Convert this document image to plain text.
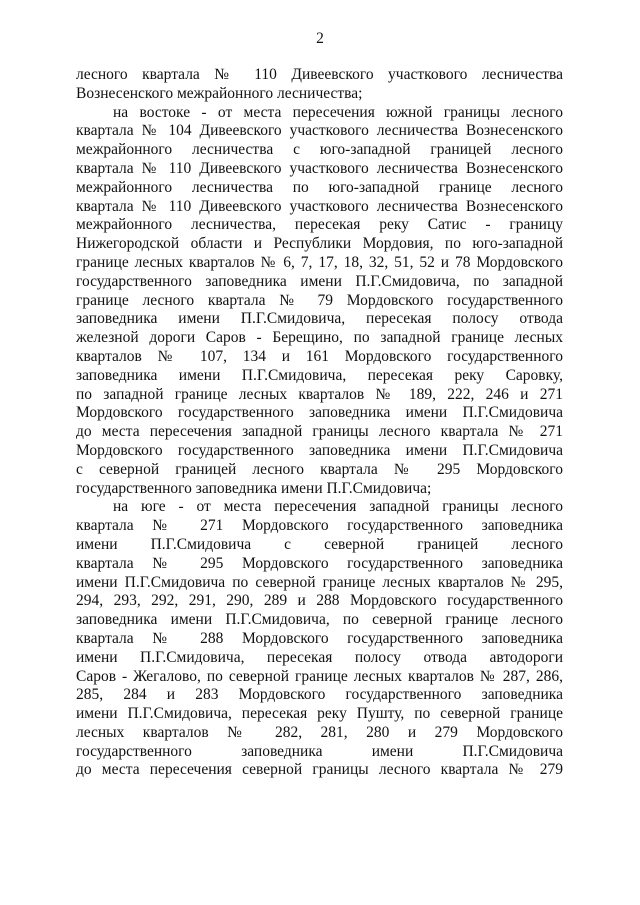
2
лесного квартала № 110 Дивеевского участкового лесничества
Вознесенского межрайонного лесничества;
на востоке - от места пересечения южной границы лесного
квартала № 104 Дивеевского участкового лесничества Вознесенского
межрайонного лесничества с юго-западной границей лесного
квартала № 110 Дивеевского участкового лесничества Вознесенского
межрайонного лесничества по юго-западной границе лесного
квартала № 110 Дивеевского участкового лесничества Вознесенского
межрайонного лесничества, пересекая реку Сатис - границу
Нижегородской области и Республики Мордовия, по юго-западной
границе лесных кварталов № 6, 7, 17, 18, 32, 51, 52 и 78 Мордовского
государственного заповедника имени П.Г.Смидовича, по западной
границе лесного квартала № 79 Мордовского государственного
заповедника имени П.Г.Смидовича, пересекая полосу отвода
железной дороги Саров - Берещино, по западной границе лесных
кварталов № 107, 134 и 161 Мордовского государственного
заповедника имени П.Г.Смидовича, пересекая реку Саровку,
по западной границе лесных кварталов № 189, 222, 246 и 271
Мордовского государственного заповедника имени П.Г.Смидовича
до места пересечения западной границы лесного квартала № 271
Мордовского государственного заповедника имени П.Г.Смидовича
с северной границей лесного квартала № 295 Мордовского
государственного заповедника имени П.Г.Смидовича;
на юге - от места пересечения западной границы лесного
квартала № 271 Мордовского государственного заповедника
имени П.Г.Смидовича с северной границей лесного
квартала № 295 Мордовского государственного заповедника
имени П.Г.Смидовича по северной границе лесных кварталов № 295,
294, 293, 292, 291, 290, 289 и 288 Мордовского государственного
заповедника имени П.Г.Смидовича, по северной границе лесного
квартала № 288 Мордовского государственного заповедника
имени П.Г.Смидовича, пересекая полосу отвода автодороги
Саров - Жегалово, по северной границе лесных кварталов № 287, 286,
285, 284 и 283 Мордовского государственного заповедника
имени П.Г.Смидовича, пересекая реку Пушту, по северной границе
лесных кварталов № 282, 281, 280 и 279 Мордовского
государственного заповедника имени П.Г.Смидовича
до места пересечения северной границы лесного квартала № 279
